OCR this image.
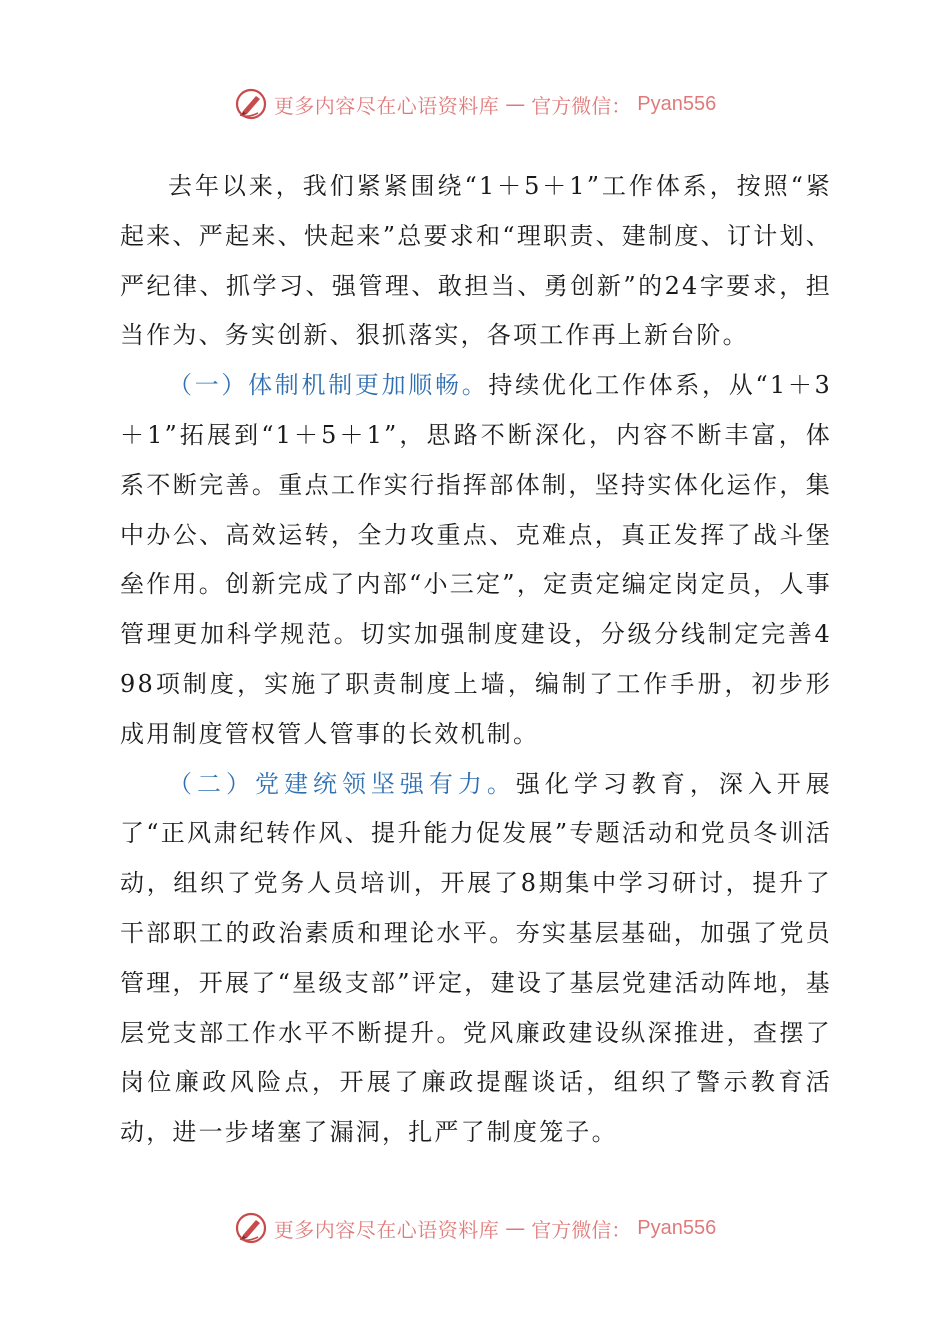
更多内容尽在心语资料库 — 官方微信： Pyan556

去年以来，我们紧紧围绕“1＋5＋1”工作体系，按照“紧起来、严起来、快起来”总要求和“理职责、建制度、订计划、严纪律、抓学习、强管理、敢担当、勇创新”的24字要求，担当作为、务实创新、狠抓落实，各项工作再上新台阶。

（一）体制机制更加顺畅。持续优化工作体系，从“1＋3＋1”拓展到“1＋5＋1”，思路不断深化，内容不断丰富，体系不断完善。重点工作实行指挥部体制，坚持实体化运作，集中办公、高效运转，全力攻重点、克难点，真正发挥了战斗堡垒作用。创新完成了内部“小三定”，定责定编定岗定员，人事管理更加科学规范。切实加强制度建设，分级分线制定完善498项制度，实施了职责制度上墙，编制了工作手册，初步形成用制度管权管人管事的长效机制。

（二）党建统领坚强有力。强化学习教育，深入开展了“正风肃纪转作风、提升能力促发展”专题活动和党员冬训活动，组织了党务人员培训，开展了8期集中学习研讨，提升了干部职工的政治素质和理论水平。夯实基层基础，加强了党员管理，开展了“星级支部”评定，建设了基层党建活动阵地，基层党支部工作水平不断提升。党风廉政建设纵深推进，查摆了岗位廉政风险点，开展了廉政提醒谈话，组织了警示教育活动，进一步堵塞了漏洞，扎严了制度笼子。

更多内容尽在心语资料库 — 官方微信： Pyan556
